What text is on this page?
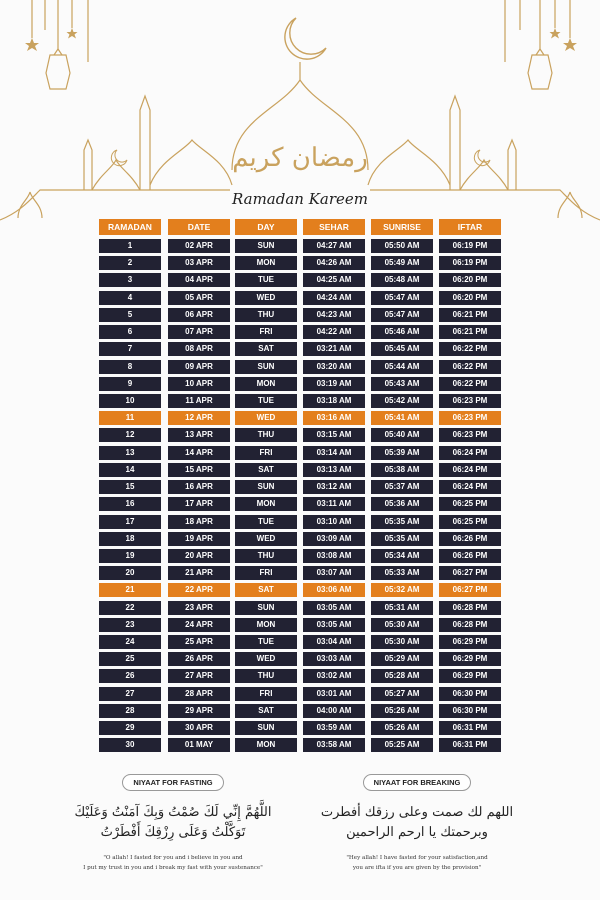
رمضان كريم
Ramadan Kareem
RAMADAN
1
2
3
4
5
6
7
8
9
10
11
12
13
14
15
16
17
18
19
20
21
22
23
24
25
26
27
28
29
30
DATE
02 APR
03 APR
04 APR
05 APR
06 APR
07 APR
08 APR
09 APR
10 APR
11 APR
12 APR
13 APR
14 APR
15 APR
16 APR
17 APR
18 APR
19 APR
20 APR
21 APR
22 APR
23 APR
24 APR
25 APR
26 APR
27 APR
28 APR
29 APR
30 APR
01 MAY
DAY
SUN
MON
TUE
WED
THU
FRI
SAT
SUN
MON
TUE
WED
THU
FRI
SAT
SUN
MON
TUE
WED
THU
FRI
SAT
SUN
MON
TUE
WED
THU
FRI
SAT
SUN
MON
SEHAR
04:27 AM
04:26 AM
04:25 AM
04:24 AM
04:23 AM
04:22 AM
03:21 AM
03:20 AM
03:19 AM
03:18 AM
03:16 AM
03:15 AM
03:14 AM
03:13 AM
03:12 AM
03:11 AM
03:10 AM
03:09 AM
03:08 AM
03:07 AM
03:06 AM
03:05 AM
03:05 AM
03:04 AM
03:03 AM
03:02 AM
03:01 AM
04:00 AM
03:59 AM
03:58 AM
SUNRISE
05:50 AM
05:49 AM
05:48 AM
05:47 AM
05:47 AM
05:46 AM
05:45 AM
05:44 AM
05:43 AM
05:42 AM
05:41 AM
05:40 AM
05:39 AM
05:38 AM
05:37 AM
05:36 AM
05:35 AM
05:35 AM
05:34 AM
05:33 AM
05:32 AM
05:31 AM
05:30 AM
05:30 AM
05:29 AM
05:28 AM
05:27 AM
05:26 AM
05:26 AM
05:25 AM
IFTAR
06:19 PM
06:19 PM
06:20 PM
06:20 PM
06:21 PM
06:21 PM
06:22 PM
06:22 PM
06:22 PM
06:23 PM
06:23 PM
06:23 PM
06:24 PM
06:24 PM
06:24 PM
06:25 PM
06:25 PM
06:26 PM
06:26 PM
06:27 PM
06:27 PM
06:28 PM
06:28 PM
06:29 PM
06:29 PM
06:29 PM
06:30 PM
06:30 PM
06:31 PM
06:31 PM
NIYAAT FOR FASTING
اللَّهُمَّ إِنِّي لَكَ صُمْتُ وَبِكَ آمَنْتُ وَعَلَيْكَ تَوَكَّلْتُ وَعَلَى رِزْقِكَ أَفْطَرْتُ
"O allah! I fasted for you and i believe in you and
I put my trust in you and i break my fast with your sustenance"
NIYAAT FOR BREAKING
اللهم لك صمت وعلى رزقك أفطرت وبرحمتك يا ارحم الراحمين
"Hey allah! I have fasted for your satisfaction,and
you are ifta if you are given by the provision"
